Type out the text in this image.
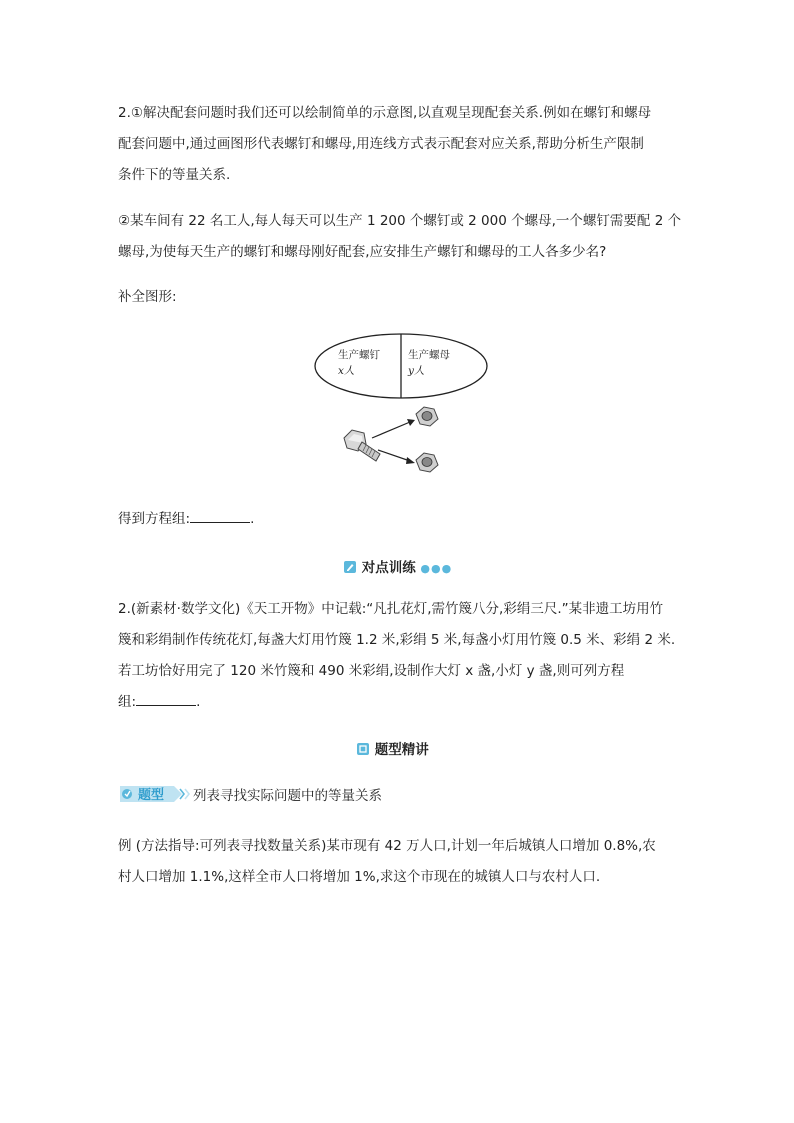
2.①解决配套问题时我们还可以绘制简单的示意图,以直观呈现配套关系.例如在螺钉和螺母
配套问题中,通过画图形代表螺钉和螺母,用连线方式表示配套对应关系,帮助分析生产限制
条件下的等量关系.
②某车间有 22 名工人,每人每天可以生产 1 200 个螺钉或 2 000 个螺母,一个螺钉需要配 2 个
螺母,为使每天生产的螺钉和螺母刚好配套,应安排生产螺钉和螺母的工人各多少名?
补全图形:
生产螺钉
x人
生产螺母
y人
得到方程组:	.
对点训练 ●●●
2.(新素材·数学文化)《天工开物》中记载:“凡扎花灯,需竹篾八分,彩绢三尺.”某非遗工坊用竹
篾和彩绢制作传统花灯,每盏大灯用竹篾 1.2 米,彩绢 5 米,每盏小灯用竹篾 0.5 米、彩绢 2 米.
若工坊恰好用完了 120 米竹篾和 490 米彩绢,设制作大灯 x 盏,小灯 y 盏,则可列方程
组:	.
题型精讲
题型 列表寻找实际问题中的等量关系
例 (方法指导:可列表寻找数量关系)某市现有 42 万人口,计划一年后城镇人口增加 0.8%,农
村人口增加 1.1%,这样全市人口将增加 1%,求这个市现在的城镇人口与农村人口.
